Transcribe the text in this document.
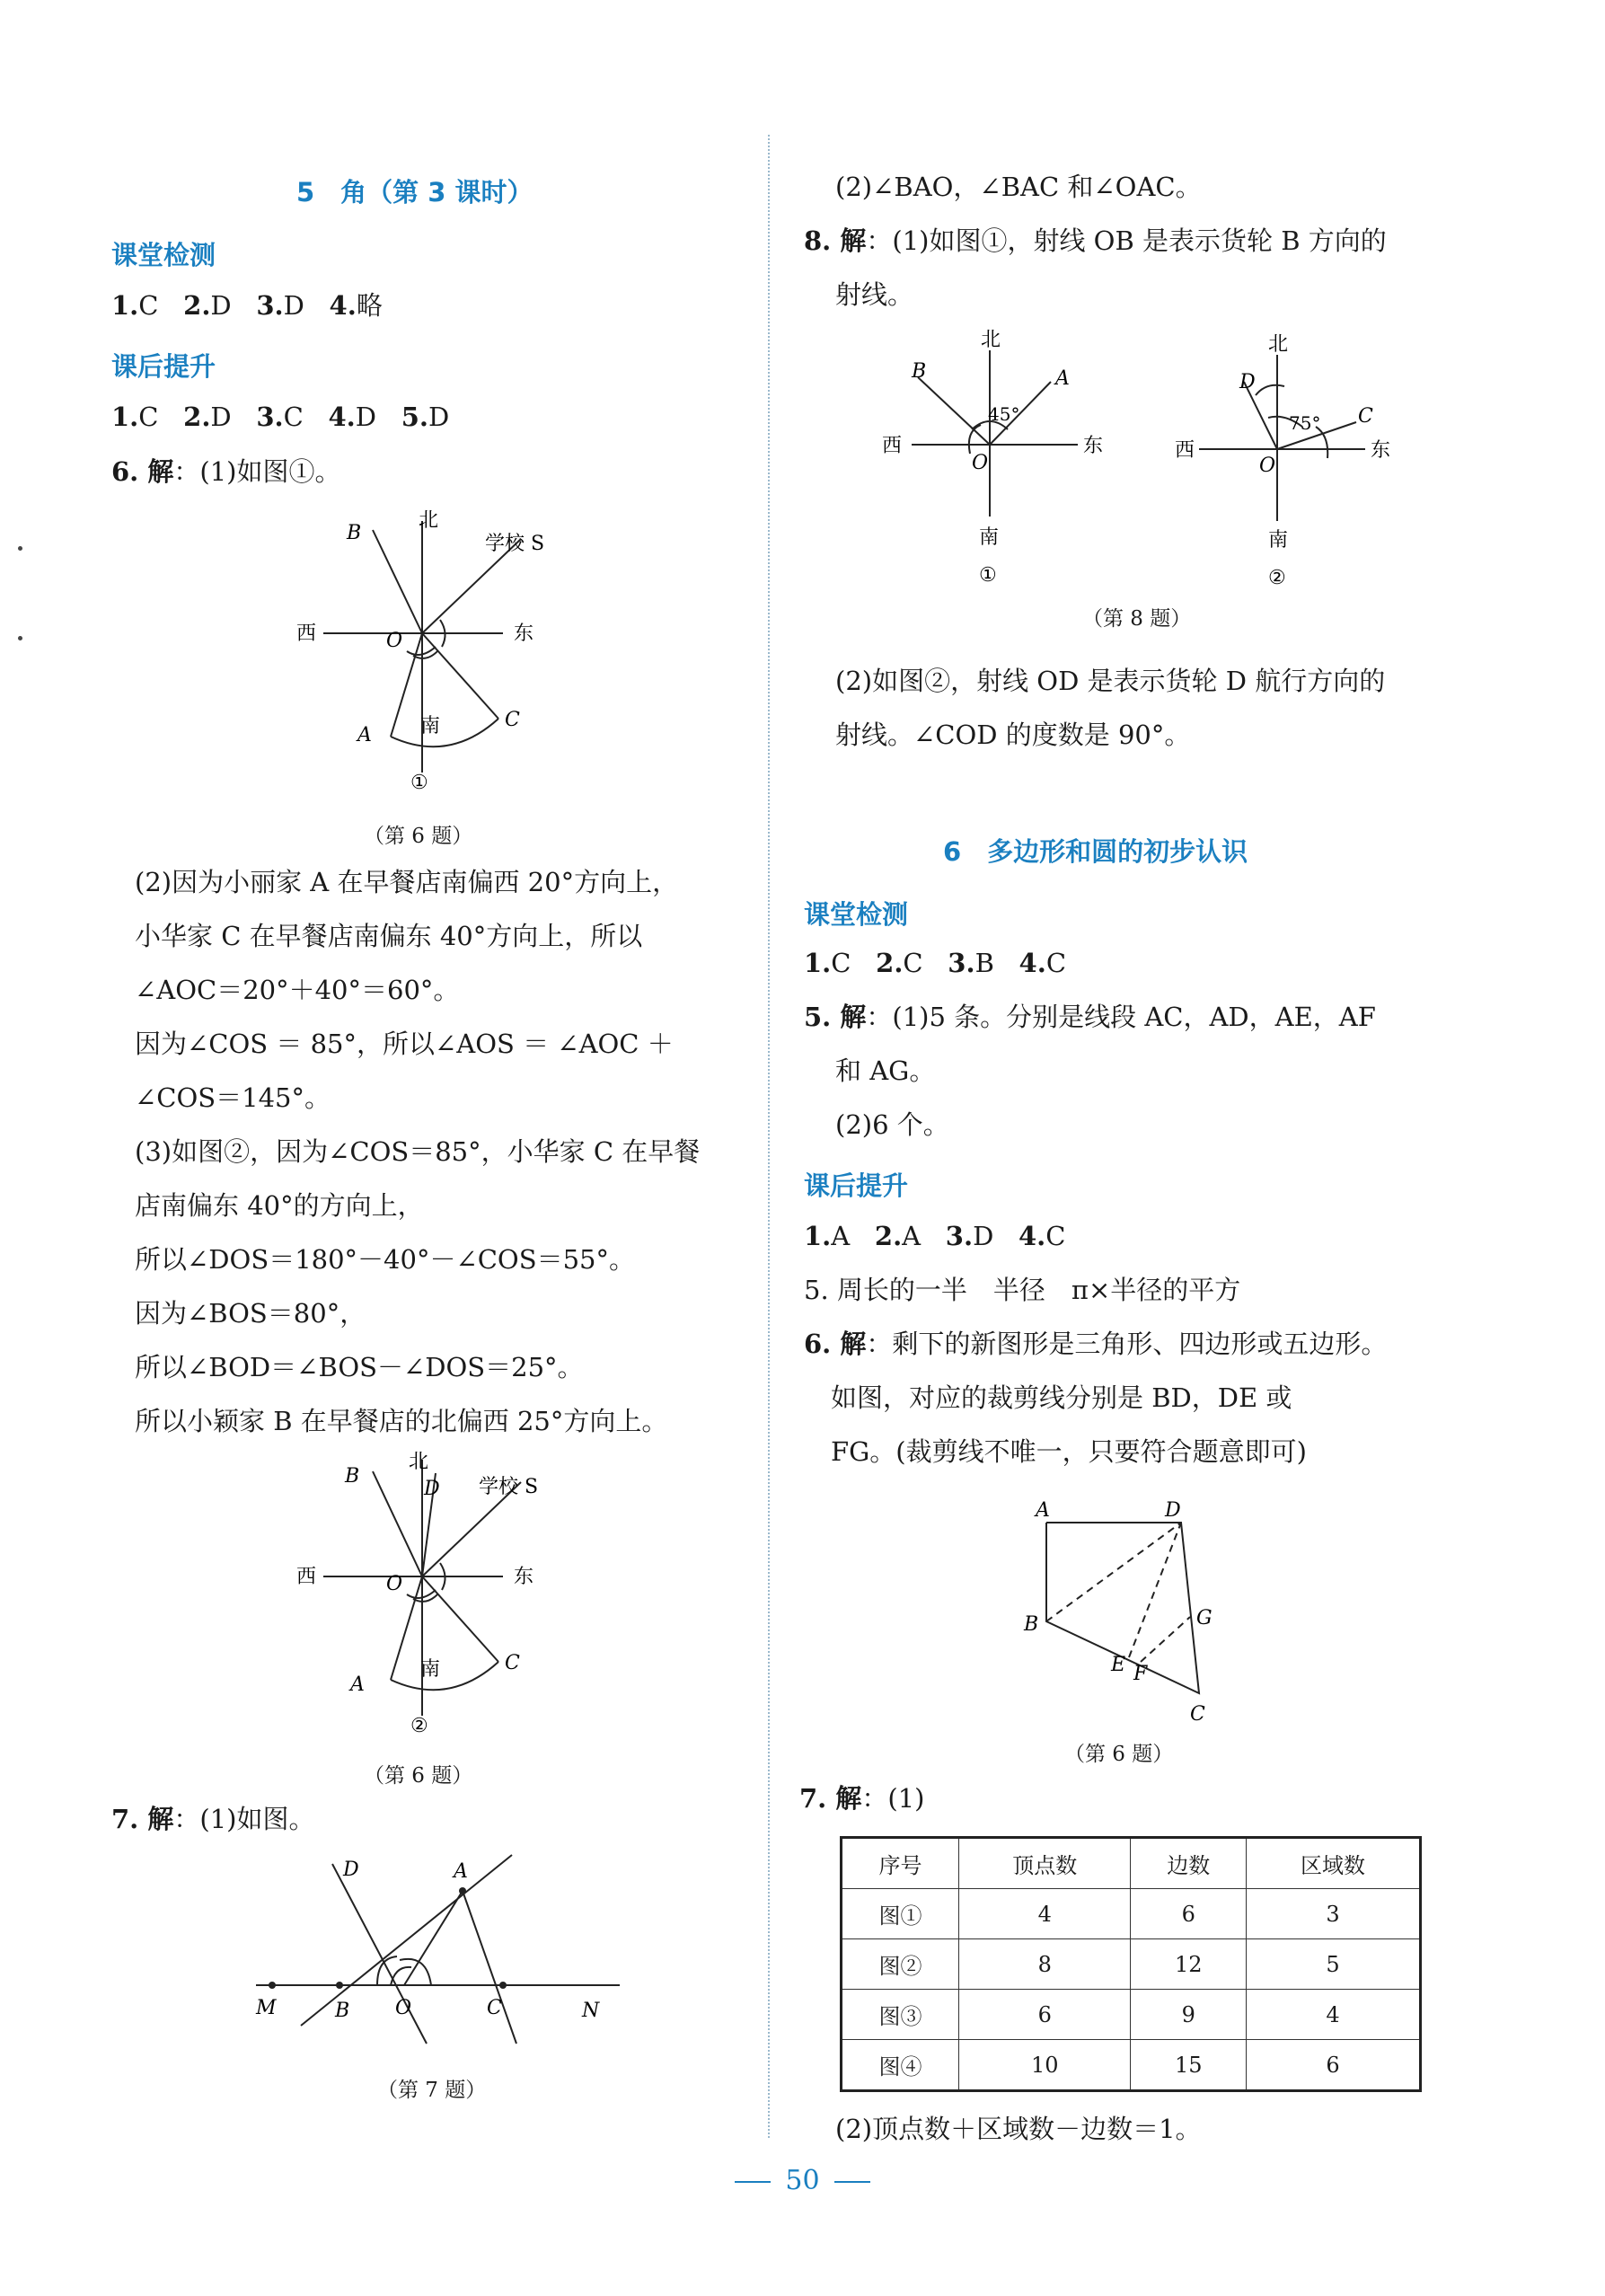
5　角（第 3 课时）
课堂检测
1.C 2.D 3.D 4.略
课后提升
1.C 2.D 3.C 4.D 5.D
6. 解：(1)如图①。
北
B	学校 S
西	O	东
南	C
A
①
（第 6 题）
(2)因为小丽家 A 在早餐店南偏西 20°方向上，
小华家 C 在早餐店南偏东 40°方向上，所以
∠AOC＝20°＋40°＝60°。
因为∠COS ＝ 85°，所以∠AOS ＝ ∠AOC ＋
∠COS＝145°。
(3)如图②，因为∠COS＝85°，小华家 C 在早餐
店南偏东 40°的方向上，
所以∠DOS＝180°－40°－∠COS＝55°。
因为∠BOS＝80°，
所以∠BOD＝∠BOS－∠DOS＝25°。
所以小颖家 B 在早餐店的北偏西 25°方向上。
北
B
D 学校 S
西	O	东
南	C
A
②
（第 6 题）
7. 解：(1)如图。
D	A
M	B O	C	N
（第 7 题）
(2)∠BAO，∠BAC 和∠OAC。
8. 解：(1)如图①，射线 OB 是表示货轮 B 方向的
射线。
北
B	A
45°
西	东
O
南
①
北
D
75° C
西	东
O
南
②
（第 8 题）
(2)如图②，射线 OD 是表示货轮 D 航行方向的
射线。∠COD 的度数是 90°。
6　多边形和圆的初步认识
课堂检测
1.C 2.C 3.B 4.C
5. 解：(1)5 条。分别是线段 AC，AD，AE，AF
和 AG。
(2)6 个。
课后提升
1.A 2.A 3.D 4.C
5. 周长的一半　半径　π×半径的平方
6. 解：剩下的新图形是三角形、四边形或五边形。
如图，对应的裁剪线分别是 BD，DE 或
FG。(裁剪线不唯一，只要符合题意即可)
A	D
B	G
E F
C
（第 6 题）
7. 解：(1)
序号	顶点数	边数	区域数
图①	4	6	3
图②	8	12	5
图③	6	9	4
图④	10	15	6
(2)顶点数＋区域数－边数＝1。
50
